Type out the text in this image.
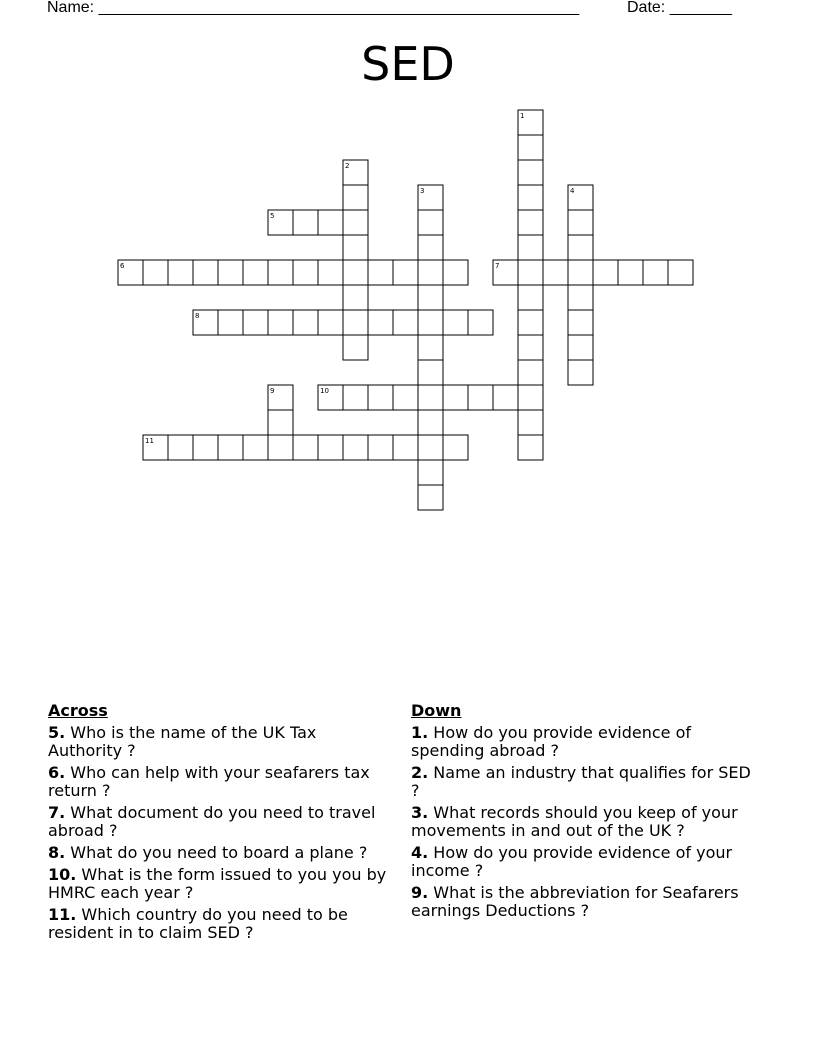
Name: ______________________________________________________	Date: _______
SED
1
2
3	4
5
6	7
8
9	10
11
Across
5. Who is the name of the UK Tax Authority ?
6. Who can help with your seafarers tax return ?
7. What document do you need to travel abroad ?
8. What do you need to board a plane ?
10. What is the form issued to you you by HMRC each year ?
11. Which country do you need to be resident in to claim SED ?
Down
1. How do you provide evidence of spending abroad ?
2. Name an industry that qualifies for SED ?
3. What records should you keep of your movements in and out of the UK ?
4. How do you provide evidence of your income ?
9. What is the abbreviation for Seafarers earnings Deductions ?
